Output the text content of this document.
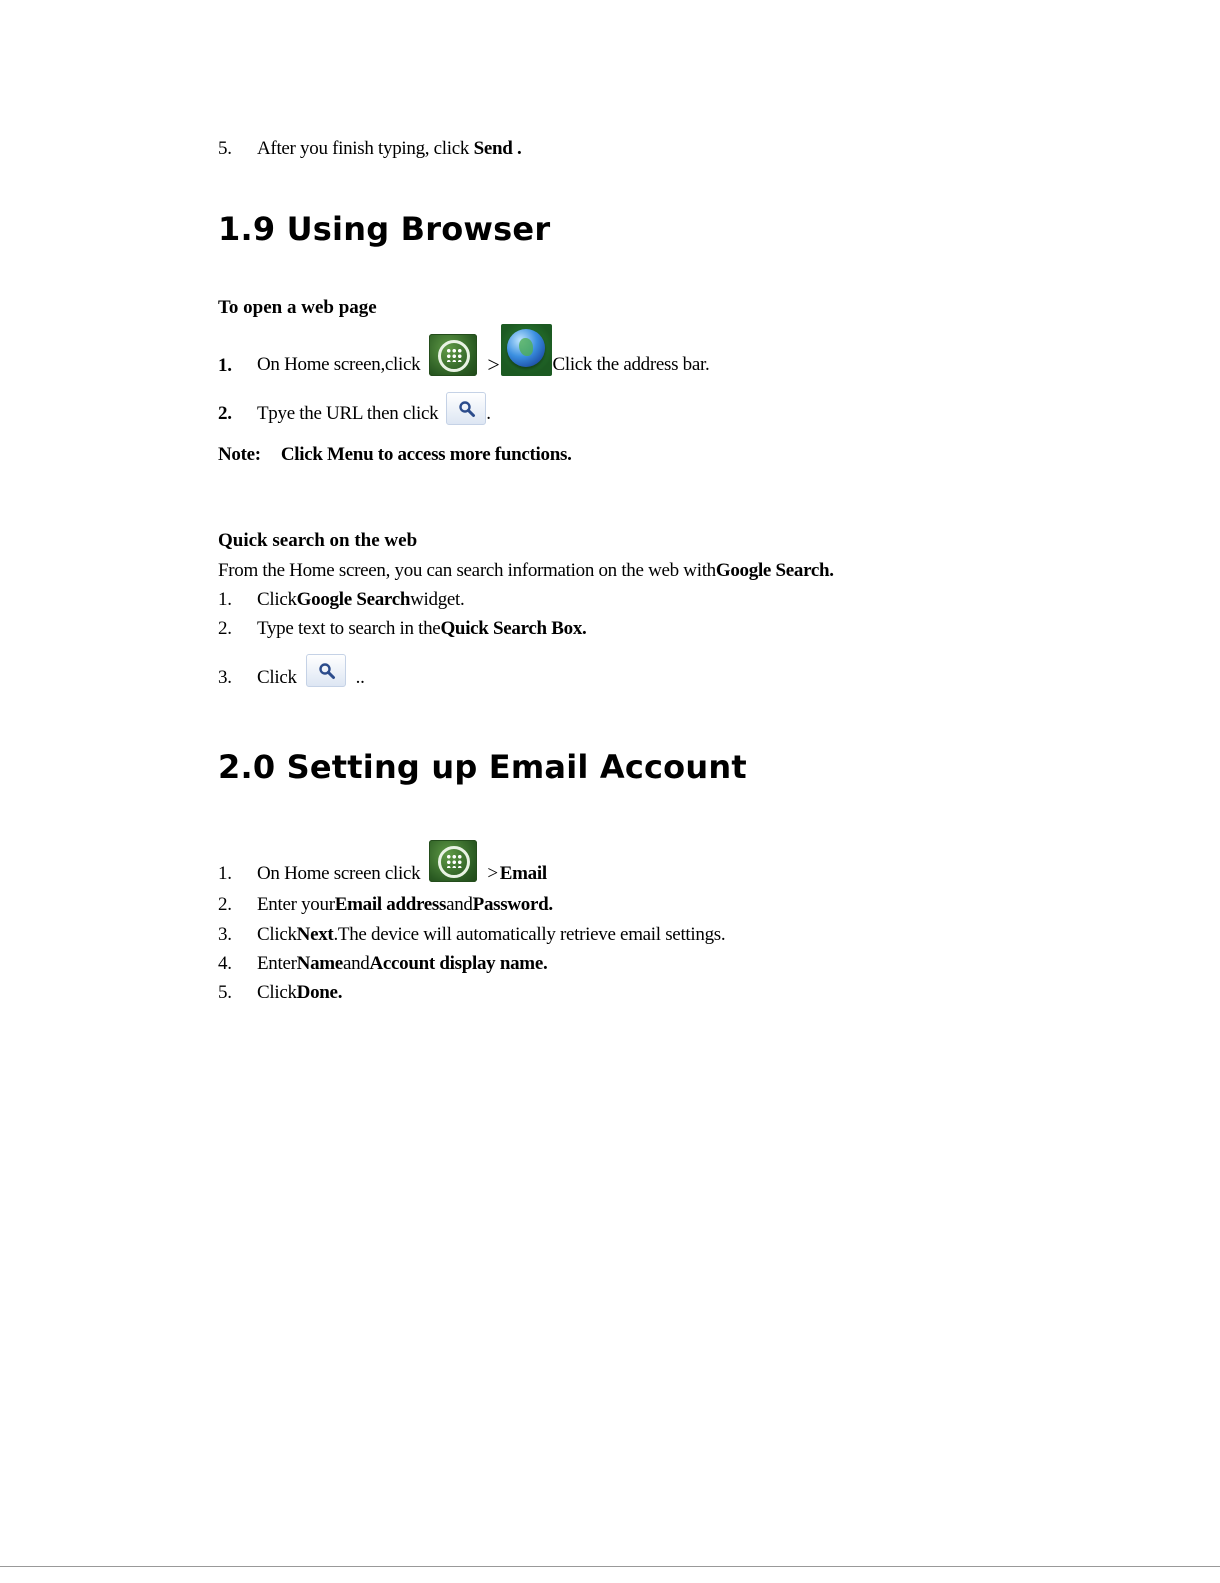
5.	After you finish typing, click
Send .
1.9 Using Browser
To open a web page
1.	On Home screen,click	>	Click the address bar.
2.	Tpye the URL then click	.
Note: Click Menu to access more functions.
Quick search on the web
From the Home screen, you can search information on the web with Google Search.
1.	Click Google Search widget.
2.	Type text to search in the Quick Search Box.
3.	Click	..
2.0 Setting up Email Account
1.	On Home screen click	> Email
2.	Enter your Email address and Password.
3.	Click Next .The device will automatically retrieve email settings.
4.	Enter Name and Account display name.
5.	Click Done.
